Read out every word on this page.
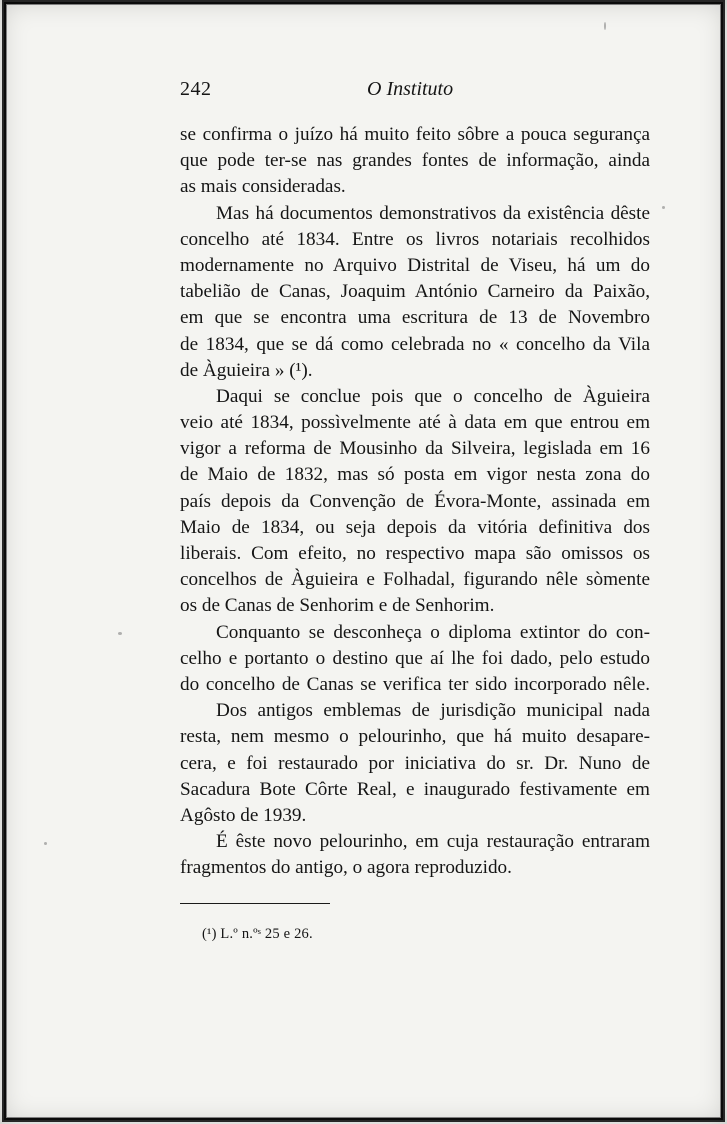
242	O Instituto
se confirma o juízo há muito feito sôbre a pouca segurança
que pode ter-se nas grandes fontes de informação, ainda
as mais consideradas.
Mas há documentos demonstrativos da existência dêste
concelho até 1834. Entre os livros notariais recolhidos
modernamente no Arquivo Distrital de Viseu, há um do
tabelião de Canas, Joaquim António Carneiro da Paixão,
em que se encontra uma escritura de 13 de Novembro
de 1834, que se dá como celebrada no « concelho da Vila
de Àguieira » (¹).
Daqui se conclue pois que o concelho de Àguieira
veio até 1834, possìvelmente até à data em que entrou em
vigor a reforma de Mousinho da Silveira, legislada em 16
de Maio de 1832, mas só posta em vigor nesta zona do
país depois da Convenção de Évora-Monte, assinada em
Maio de 1834, ou seja depois da vitória definitiva dos
liberais. Com efeito, no respectivo mapa são omissos os
concelhos de Àguieira e Folhadal, figurando nêle sòmente
os de Canas de Senhorim e de Senhorim.
Conquanto se desconheça o diploma extintor do con-
celho e portanto o destino que aí lhe foi dado, pelo estudo
do concelho de Canas se verifica ter sido incorporado nêle.
Dos antigos emblemas de jurisdição municipal nada
resta, nem mesmo o pelourinho, que há muito desapare-
cera, e foi restaurado por iniciativa do sr. Dr. Nuno de
Sacadura Bote Côrte Real, e inaugurado festivamente em
Agôsto de 1939.
É êste novo pelourinho, em cuja restauração entraram
fragmentos do antigo, o agora reproduzido.
(¹) L.º n.ºˢ 25 e 26.
